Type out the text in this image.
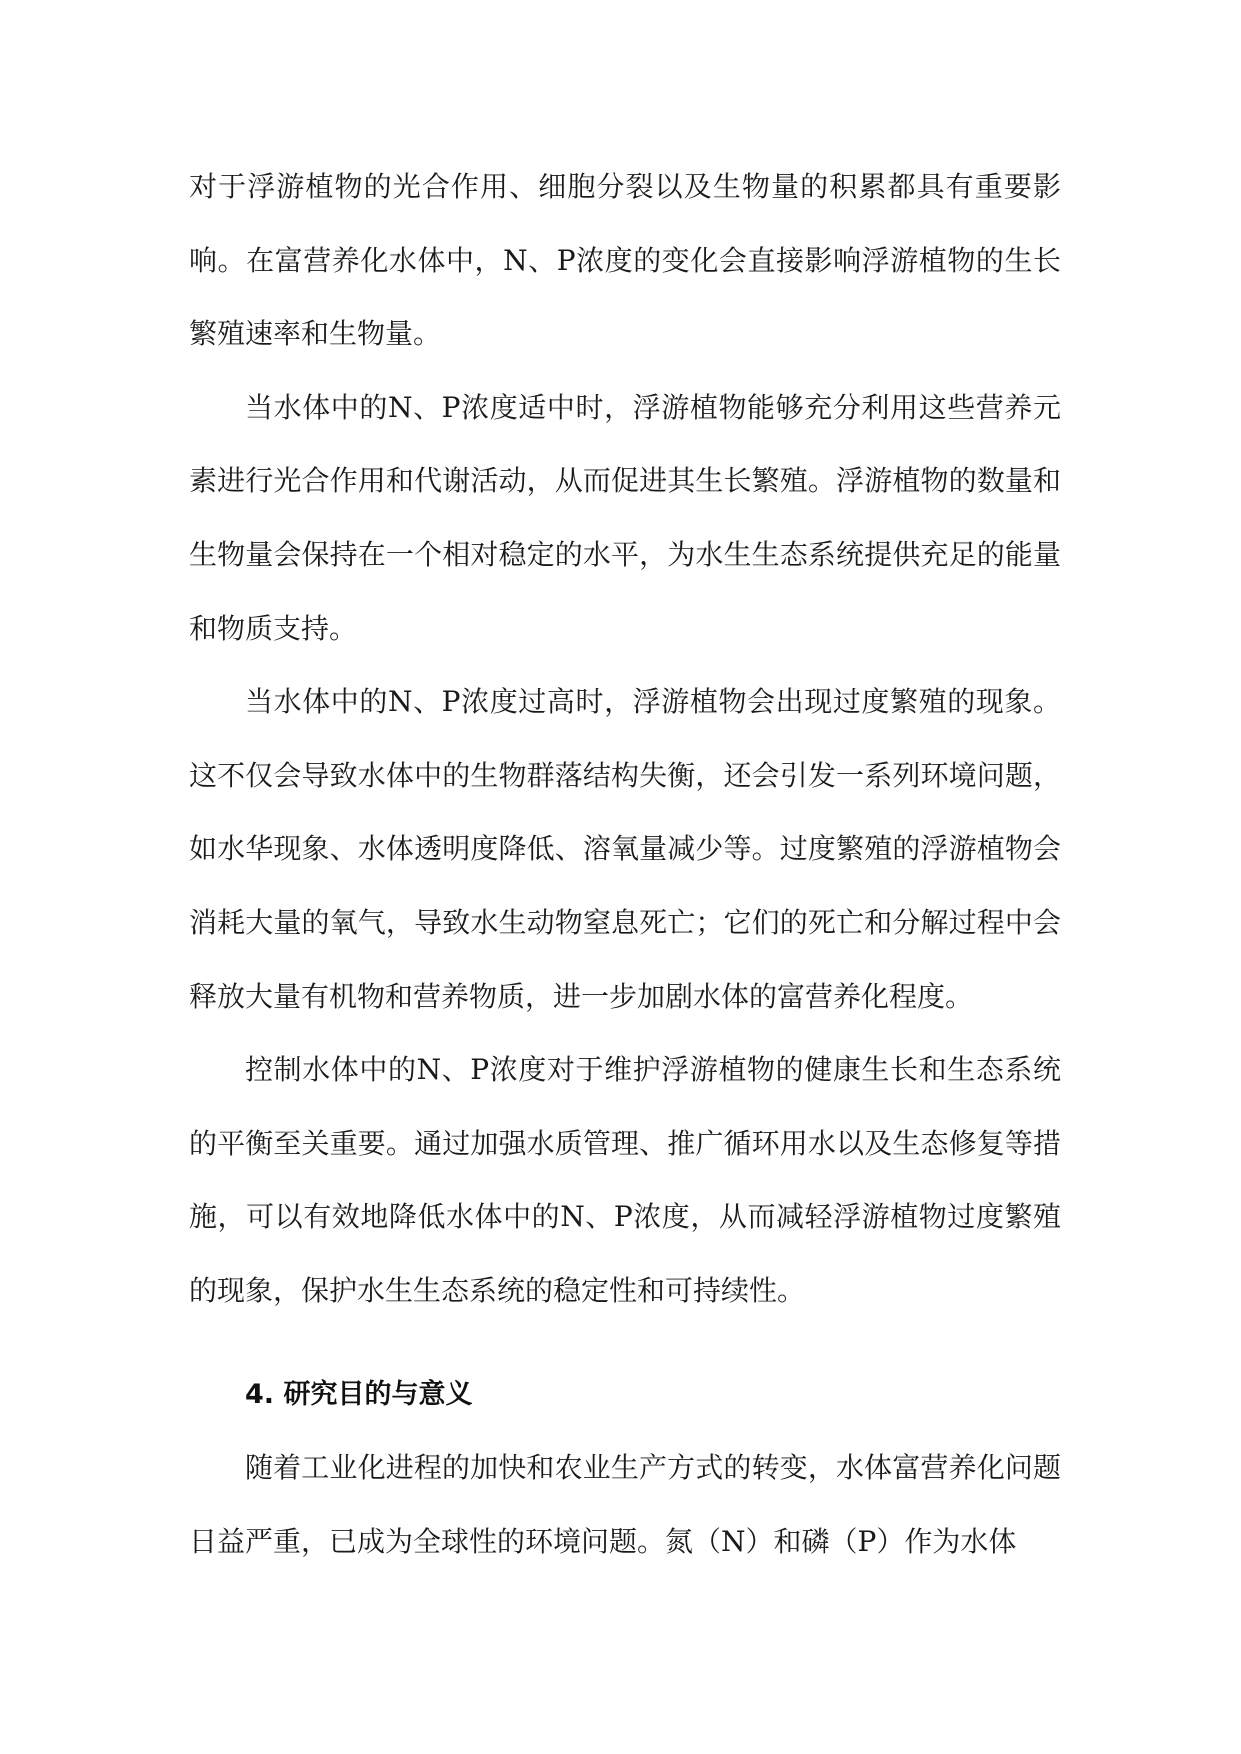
对于浮游植物的光合作用、细胞分裂以及生物量的积累都具有重要影响。在富营养化水体中，N、P浓度的变化会直接影响浮游植物的生长繁殖速率和生物量。

当水体中的N、P浓度适中时，浮游植物能够充分利用这些营养元素进行光合作用和代谢活动，从而促进其生长繁殖。浮游植物的数量和生物量会保持在一个相对稳定的水平，为水生生态系统提供充足的能量和物质支持。

当水体中的N、P浓度过高时，浮游植物会出现过度繁殖的现象。这不仅会导致水体中的生物群落结构失衡，还会引发一系列环境问题，如水华现象、水体透明度降低、溶氧量减少等。过度繁殖的浮游植物会消耗大量的氧气，导致水生动物窒息死亡；它们的死亡和分解过程中会释放大量有机物和营养物质，进一步加剧水体的富营养化程度。

控制水体中的N、P浓度对于维护浮游植物的健康生长和生态系统的平衡至关重要。通过加强水质管理、推广循环用水以及生态修复等措施，可以有效地降低水体中的N、P浓度，从而减轻浮游植物过度繁殖的现象，保护水生生态系统的稳定性和可持续性。

4. 研究目的与意义

随着工业化进程的加快和农业生产方式的转变，水体富营养化问题日益严重，已成为全球性的环境问题。氮（N）和磷（P）作为水体
